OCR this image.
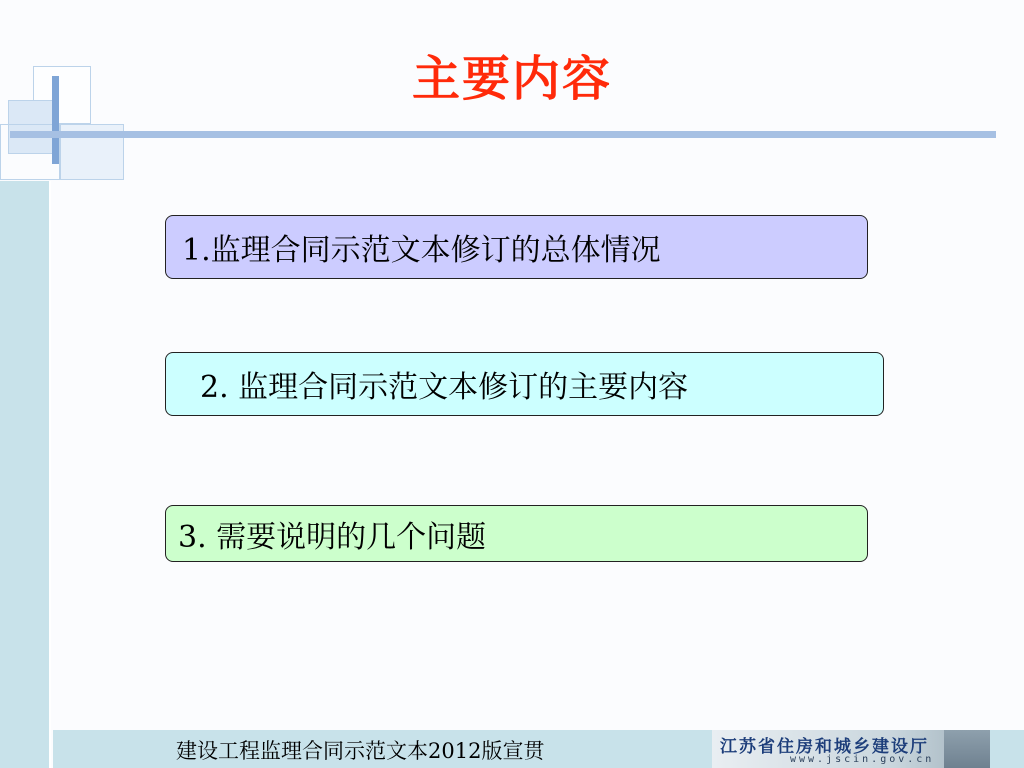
主要内容
1.监理合同示范文本修订的总体情况
2. 监理合同示范文本修订的主要内容
3. 需要说明的几个问题
建设工程监理合同示范文本2012版宣贯	江苏省住房和城乡建设厅
www.jscin.gov.cn
